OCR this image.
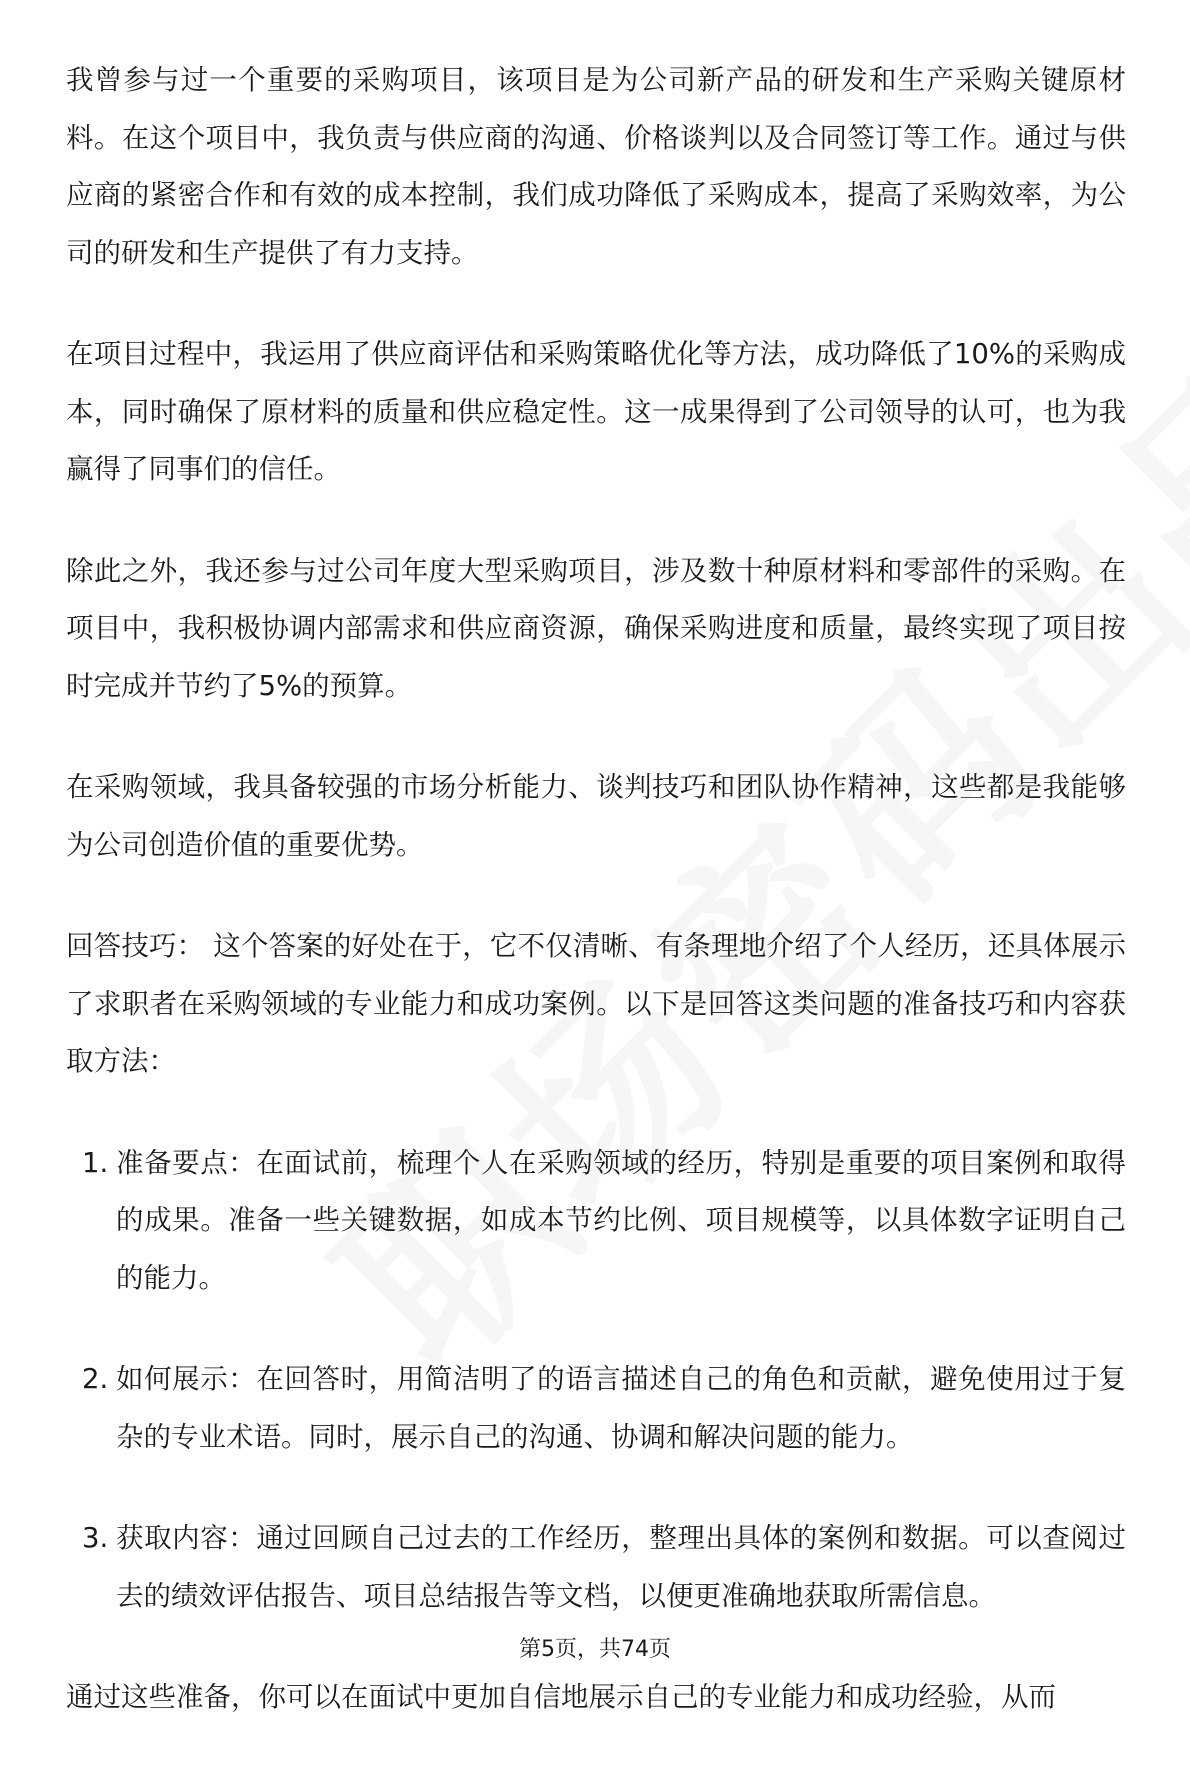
我曾参与过一个重要的采购项目，该项目是为公司新产品的研发和生产采购关键原材料。在这个项目中，我负责与供应商的沟通、价格谈判以及合同签订等工作。通过与供应商的紧密合作和有效的成本控制，我们成功降低了采购成本，提高了采购效率，为公司的研发和生产提供了有力支持。

在项目过程中，我运用了供应商评估和采购策略优化等方法，成功降低了10%的采购成本，同时确保了原材料的质量和供应稳定性。这一成果得到了公司领导的认可，也为我赢得了同事们的信任。

除此之外，我还参与过公司年度大型采购项目，涉及数十种原材料和零部件的采购。在项目中，我积极协调内部需求和供应商资源，确保采购进度和质量，最终实现了项目按时完成并节约了5%的预算。

在采购领域，我具备较强的市场分析能力、谈判技巧和团队协作精神，这些都是我能够为公司创造价值的重要优势。

回答技巧： 这个答案的好处在于，它不仅清晰、有条理地介绍了个人经历，还具体展示了求职者在采购领域的专业能力和成功案例。以下是回答这类问题的准备技巧和内容获取方法：

1. 准备要点：在面试前，梳理个人在采购领域的经历，特别是重要的项目案例和取得的成果。准备一些关键数据，如成本节约比例、项目规模等，以具体数字证明自己的能力。
2. 如何展示：在回答时，用简洁明了的语言描述自己的角色和贡献，避免使用过于复杂的专业术语。同时，展示自己的沟通、协调和解决问题的能力。
3. 获取内容：通过回顾自己过去的工作经历，整理出具体的案例和数据。可以查阅过去的绩效评估报告、项目总结报告等文档，以便更准确地获取所需信息。

通过这些准备，你可以在面试中更加自信地展示自己的专业能力和成功经验，从而

第5页，共74页
